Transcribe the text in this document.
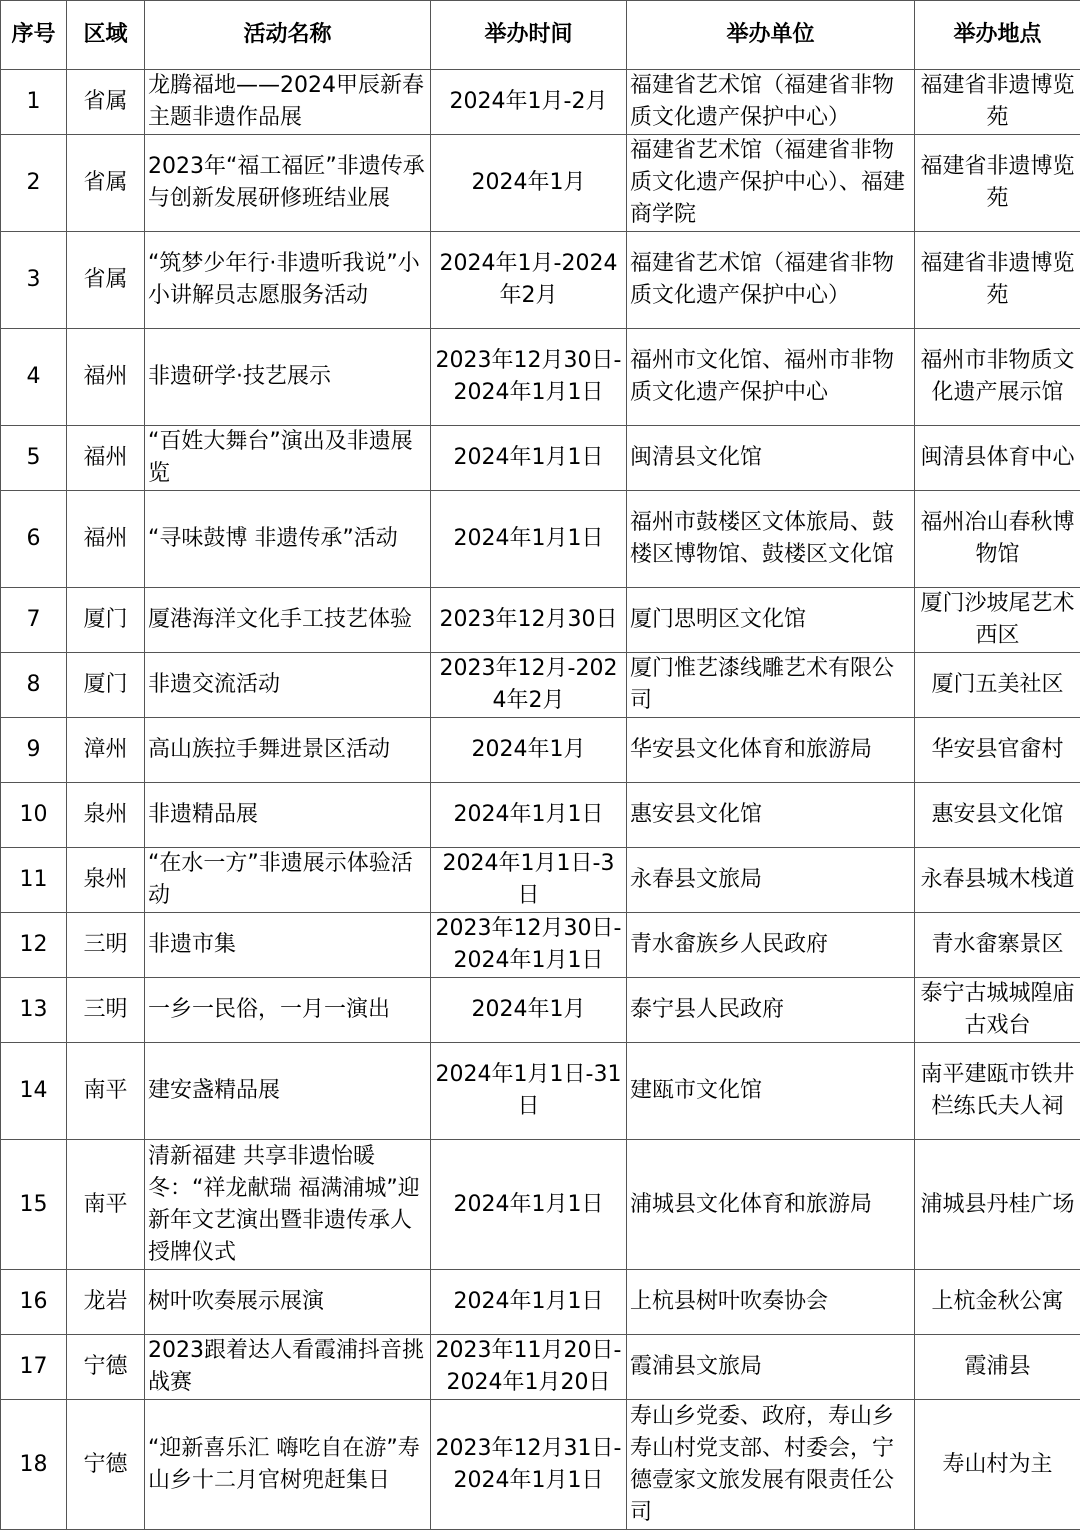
序号	区域	活动名称	举办时间	举办单位	举办地点
1	省属	龙腾福地——2024甲辰新春主题非遗作品展	2024年1月-2月	福建省艺术馆（福建省非物质文化遗产保护中心）	福建省非遗博览苑
2	省属	2023年“福工福匠”非遗传承与创新发展研修班结业展	2024年1月	福建省艺术馆（福建省非物质文化遗产保护中心）、福建商学院	福建省非遗博览苑
3	省属	“筑梦少年行·非遗听我说”小小讲解员志愿服务活动	2024年1月-2024年2月	福建省艺术馆（福建省非物质文化遗产保护中心）	福建省非遗博览苑
4	福州	非遗研学·技艺展示	2023年12月30日-2024年1月1日	福州市文化馆、福州市非物质文化遗产保护中心	福州市非物质文化遗产展示馆
5	福州	“百姓大舞台”演出及非遗展览	2024年1月1日	闽清县文化馆	闽清县体育中心
6	福州	“寻味鼓博 非遗传承”活动	2024年1月1日	福州市鼓楼区文体旅局、鼓楼区博物馆、鼓楼区文化馆	福州冶山春秋博物馆
7	厦门	厦港海洋文化手工技艺体验	2023年12月30日	厦门思明区文化馆	厦门沙坡尾艺术西区
8	厦门	非遗交流活动	2023年12月-2024年2月	厦门惟艺漆线雕艺术有限公司	厦门五美社区
9	漳州	高山族拉手舞进景区活动	2024年1月	华安县文化体育和旅游局	华安县官畲村
10	泉州	非遗精品展	2024年1月1日	惠安县文化馆	惠安县文化馆
11	泉州	“在水一方”非遗展示体验活动	2024年1月1日-3日	永春县文旅局	永春县城木栈道
12	三明	非遗市集	2023年12月30日-2024年1月1日	青水畲族乡人民政府	青水畲寨景区
13	三明	一乡一民俗，一月一演出	2024年1月	泰宁县人民政府	泰宁古城城隍庙古戏台
14	南平	建安盏精品展	2024年1月1日-31日	建瓯市文化馆	南平建瓯市铁井栏练氏夫人祠
15	南平	清新福建 共享非遗怡暖冬：“祥龙献瑞 福满浦城”迎新年文艺演出暨非遗传承人授牌仪式	2024年1月1日	浦城县文化体育和旅游局	浦城县丹桂广场
16	龙岩	树叶吹奏展示展演	2024年1月1日	上杭县树叶吹奏协会	上杭金秋公寓
17	宁德	2023跟着达人看霞浦抖音挑战赛	2023年11月20日-2024年1月20日	霞浦县文旅局	霞浦县
18	宁德	“迎新喜乐汇 嗨吃自在游”寿山乡十二月官树兜赶集日	2023年12月31日-2024年1月1日	寿山乡党委、政府，寿山乡寿山村党支部、村委会，宁德壹家文旅发展有限责任公司	寿山村为主
